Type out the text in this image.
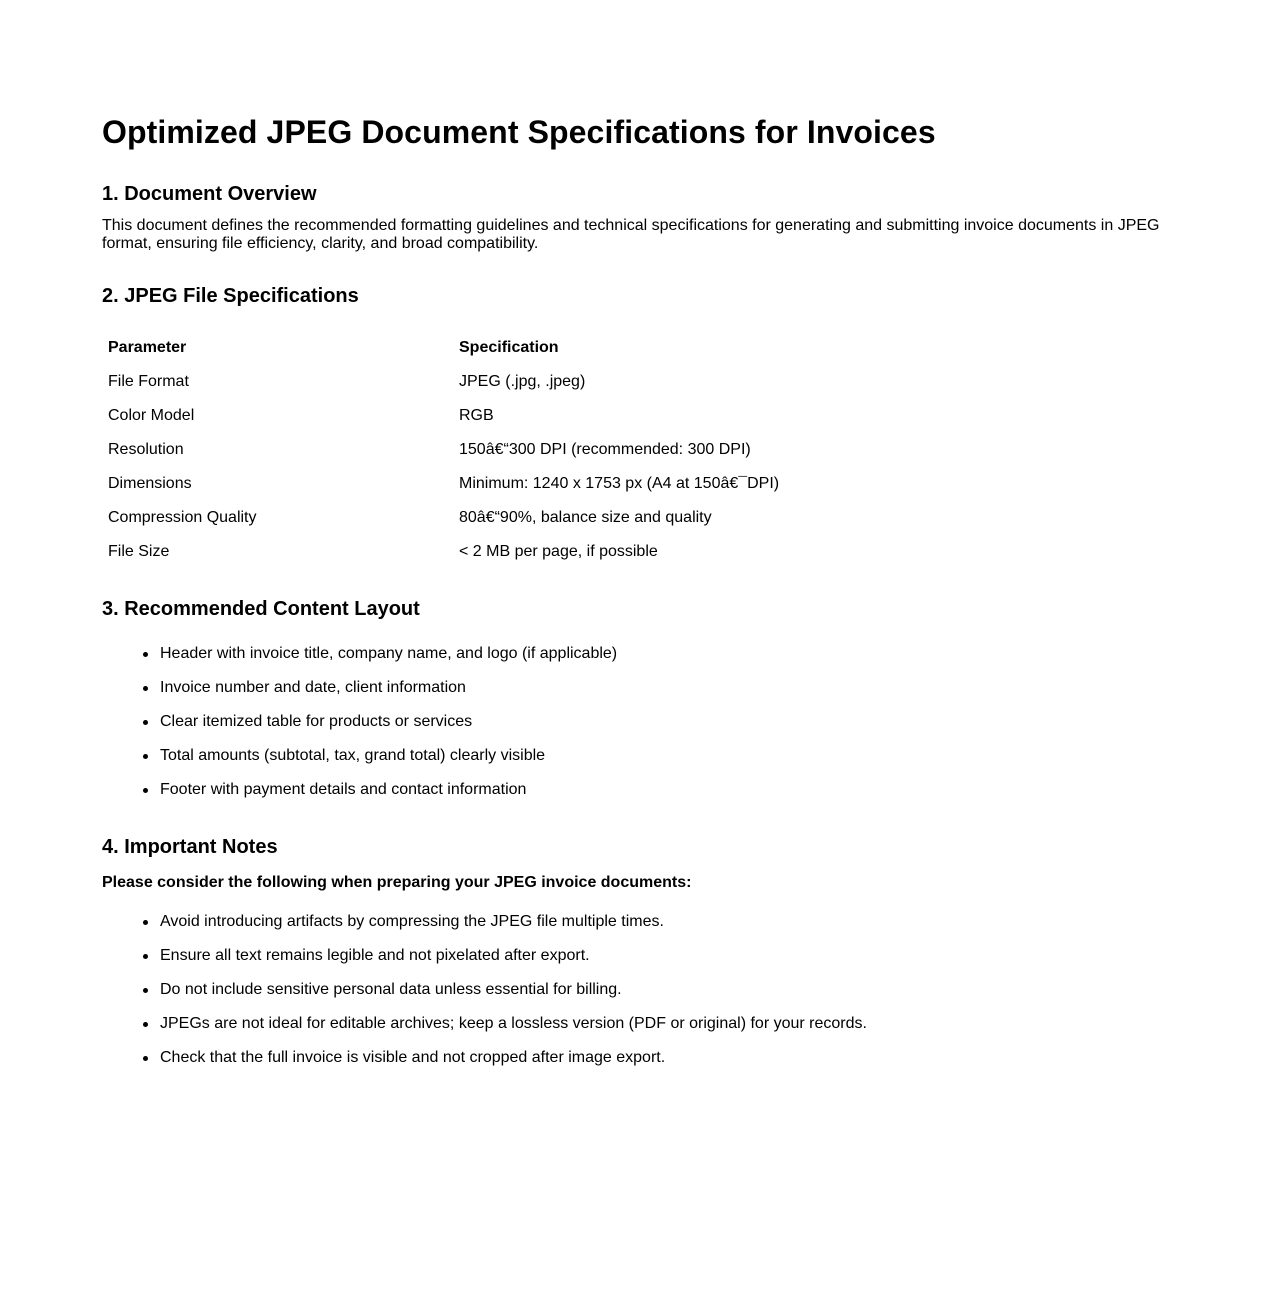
Optimized JPEG Document Specifications for Invoices
1. Document Overview

This document defines the recommended formatting guidelines and technical specifications for generating and submitting invoice documents in JPEG format, ensuring file efficiency, clarity, and broad compatibility.

2. JPEG File Specifications
Parameter	Specification
File Format	JPEG (.jpg, .jpeg)
Color Model	RGB
Resolution	150â€“300 DPI (recommended: 300 DPI)
Dimensions	Minimum: 1240 x 1753 px (A4 at 150â€¯DPI)
Compression Quality	80â€“90%, balance size and quality
File Size	< 2 MB per page, if possible
3. Recommended Content Layout
Header with invoice title, company name, and logo (if applicable)
Invoice number and date, client information
Clear itemized table for products or services
Total amounts (subtotal, tax, grand total) clearly visible
Footer with payment details and contact information
4. Important Notes

Please consider the following when preparing your JPEG invoice documents:

Avoid introducing artifacts by compressing the JPEG file multiple times.
Ensure all text remains legible and not pixelated after export.
Do not include sensitive personal data unless essential for billing.
JPEGs are not ideal for editable archives; keep a lossless version (PDF or original) for your records.
Check that the full invoice is visible and not cropped after image export.
